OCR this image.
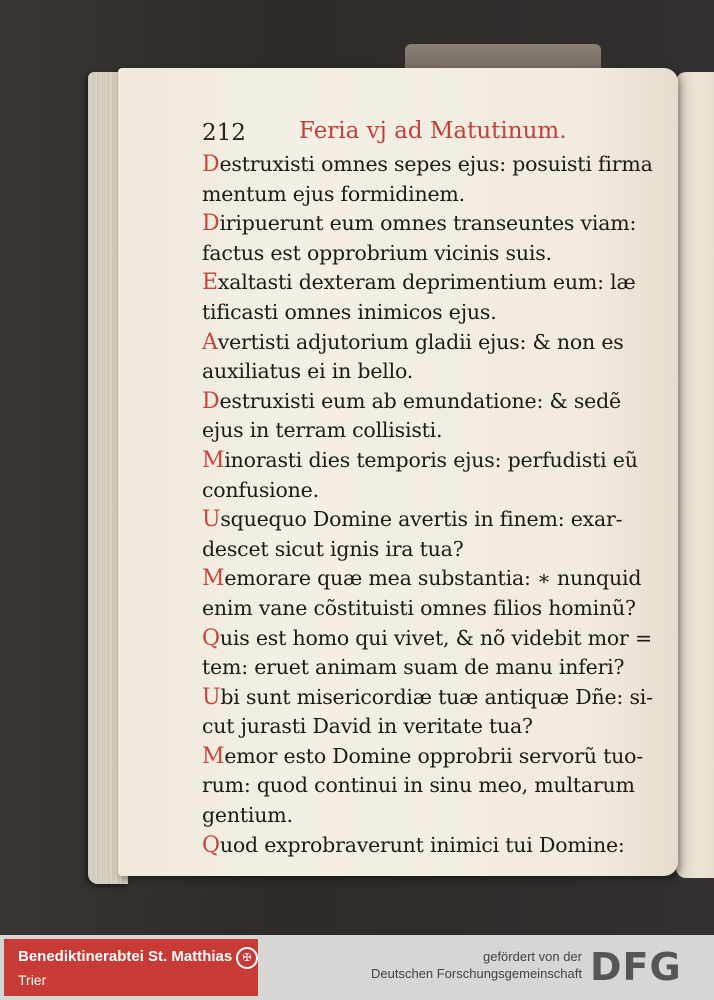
212 Feria vj ad Matutinum.
Destruxisti omnes sepes ejus: posuisti firma
mentum ejus formidinem.
Diripuerunt eum omnes transeuntes viam:
factus est opprobrium vicinis suis.
Exaltasti dexteram deprimentium eum: læ
tificasti omnes inimicos ejus.
Avertisti adjutorium gladii ejus: & non es
auxiliatus ei in bello.
Destruxisti eum ab emundatione: & sedẽ
ejus in terram collisisti.
Minorasti dies temporis ejus: perfudisti eũ
confusione.
Usquequo Domine avertis in finem: exar-
descet sicut ignis ira tua?
Memorare quæ mea substantia: ∗ nunquid
enim vane cõstituisti omnes filios hominũ?
Quis est homo qui vivet, & nõ videbit mor =
tem: eruet animam suam de manu inferi?
Ubi sunt misericordiæ tuæ antiquæ Dñe: si-
cut jurasti David in veritate tua?
Memor esto Domine opprobrii servorũ tuo-
rum: quod continui in sinu meo, multarum
gentium.
Quod exprobraverunt inimici tui Domine:
Benediktinerabtei St. Matthias
Trier
✠	gefördert von der
Deutschen Forschungsgemeinschaft DFG
